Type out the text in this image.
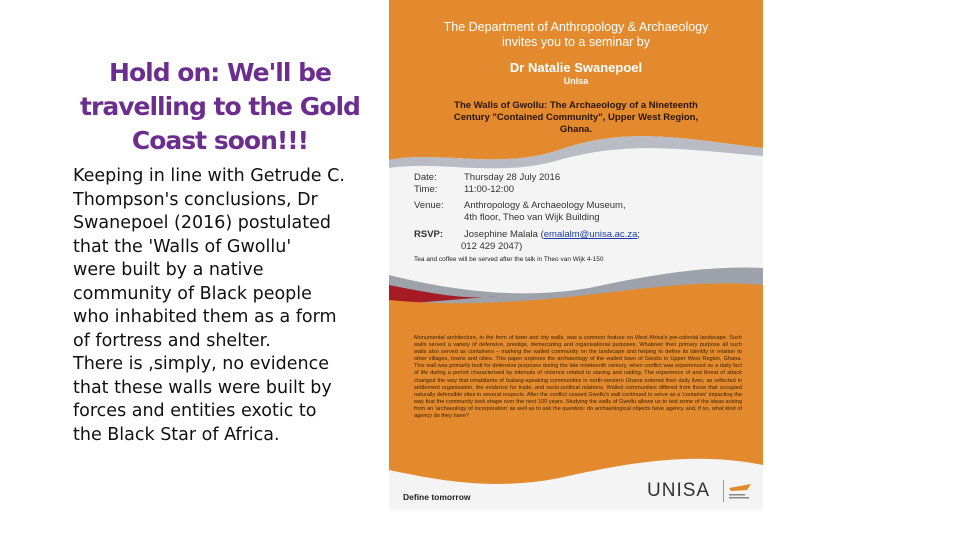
Hold on: We'll be
travelling to the Gold
Coast soon!!!
Keeping in line with Getrude C.
Thompson's conclusions, Dr
Swanepoel (2016) postulated
that the 'Walls of Gwollu'
were built by a native
community of Black people
who inhabited them as a form
of fortress and shelter.
There is ,simply, no evidence
that these walls were built by
forces and entities exotic to
the Black Star of Africa.
The Department of Anthropology & Archaeology
invites you to a seminar by
Dr Natalie Swanepoel
Unisa
The Walls of Gwollu: The Archaeology of a Nineteenth
Century "Contained Community", Upper West Region,
Ghana.
Date:	Thursday 28 July 2016
Time:	11:00-12:00
Venue: Anthropology & Archaeology Museum,
4th floor, Theo van Wijk Building
RSVP: Josephine Malala (emalalm@unisa.ac.za;
012 429 2047)
Tea and coffee will be served after the talk in Theo van Wijk 4-150
Monumental architecture, in the form of town and city walls, was a common feature on West Africa's pre-colonial landscape. Such walls served a variety of defensive, prestige, demarcating and organisational purposes. Whatever their primary purpose all such walls also served as containers – marking the walled community on the landscape and helping to define its identity in relation to other villages, towns and cities. This paper explores the archaeology of the walled town of Gwollu in Upper West Region, Ghana. This wall was primarily built for defensive purposes during the late nineteenth century, when conflict was experienced as a daily fact of life during a period characterised by intervals of violence related to slaving and raiding. The experience of and threat of attack changed the way that inhabitants of Isalang-speaking communities in north-western Ghana ordered their daily lives, as reflected in settlement organisation, the evidence for trade, and socio-political relations. Walled communities differed from those that occupied naturally defensible sites in several respects. After the conflict ceased Gwollu's wall continued to serve as a 'container' impacting the way that the community took shape over the next 100 years. Studying the walls of Gwollu allows us to test some of the ideas arising from an 'archaeology of incorporation' as well as to ask the question: do archaeological objects have agency and, if so, what kind of agency do they have?
Define tomorrow	UNISA
